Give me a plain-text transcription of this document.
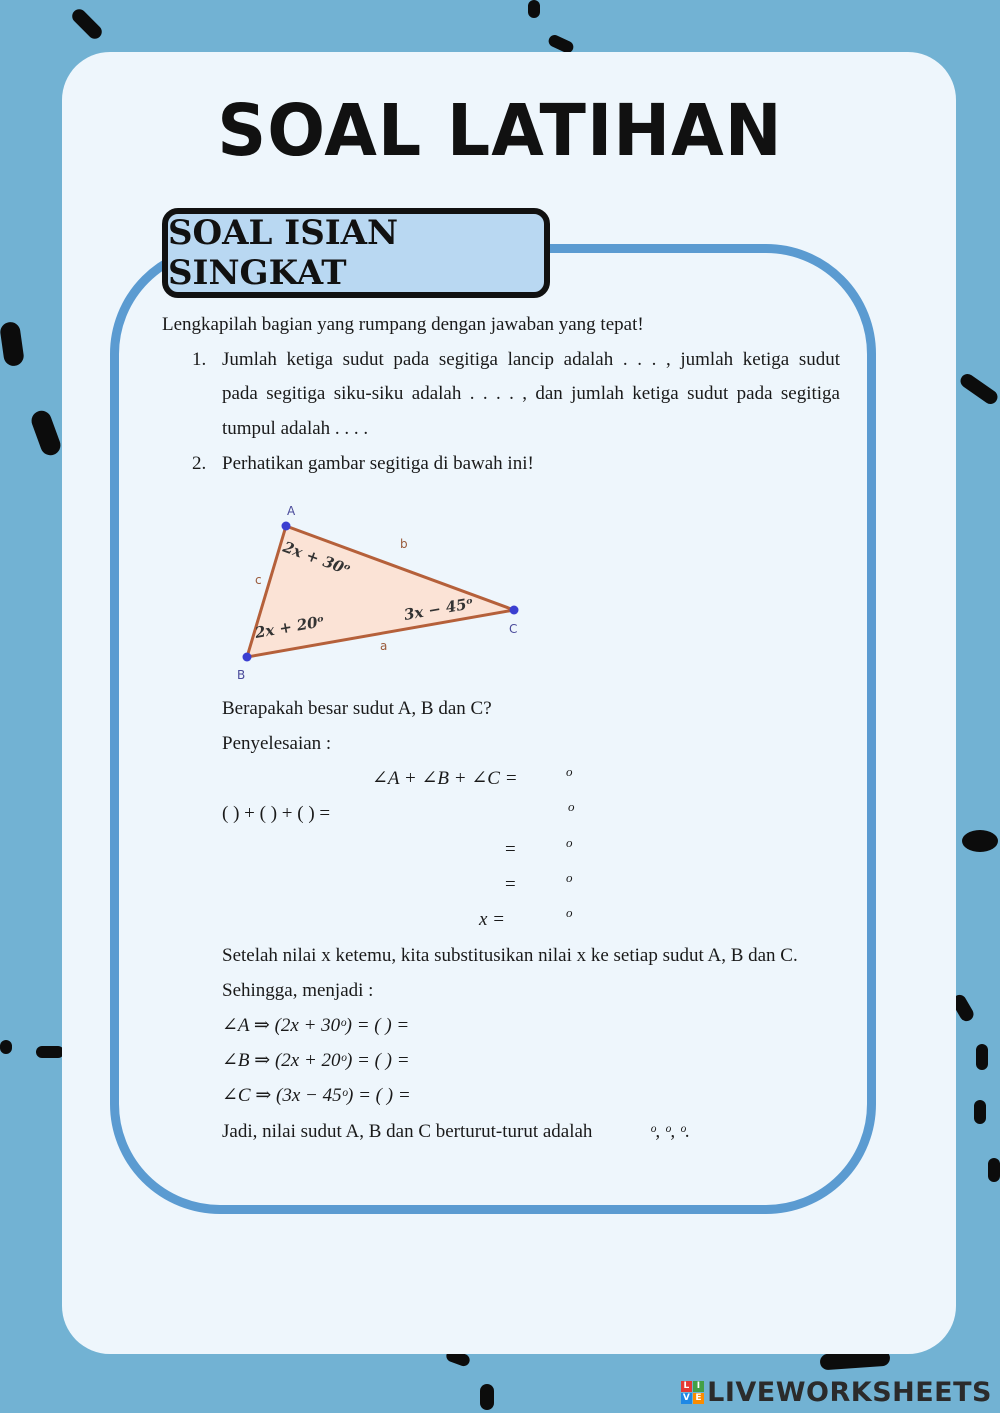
SOAL LATIHAN
SOAL ISIAN SINGKAT
Lengkapilah bagian yang rumpang dengan jawaban yang tepat!
1. Jumlah ketiga sudut pada segitiga lancip adalah . . . , jumlah ketiga sudut
pada segitiga siku-siku adalah . . . . , dan jumlah ketiga sudut pada segitiga
tumpul adalah . . . .
2. Perhatikan gambar segitiga di bawah ini!
A
B
C
a
b
c
2x + 30ᵒ
2x + 20ᵒ
3x − 45ᵒ
Berapakah besar sudut A, B dan C?
Penyelesaian :
∠A + ∠B + ∠C =	o
( ) + ( ) + ( ) =	o
=	o
=	o
x =	o
Setelah nilai x ketemu, kita substitusikan nilai x ke setiap sudut A, B dan C.
Sehingga, menjadi :
∠A ⇒ (2x + 30ᵒ) = ( ) =
∠B ⇒ (2x + 20ᵒ) = ( ) =
∠C ⇒ (3x − 45ᵒ) = ( ) =
Jadi, nilai sudut A, B dan C berturut-turut adalah	ᵒ, ᵒ, ᵒ.
L I
V E LIVEWORKSHEETS
